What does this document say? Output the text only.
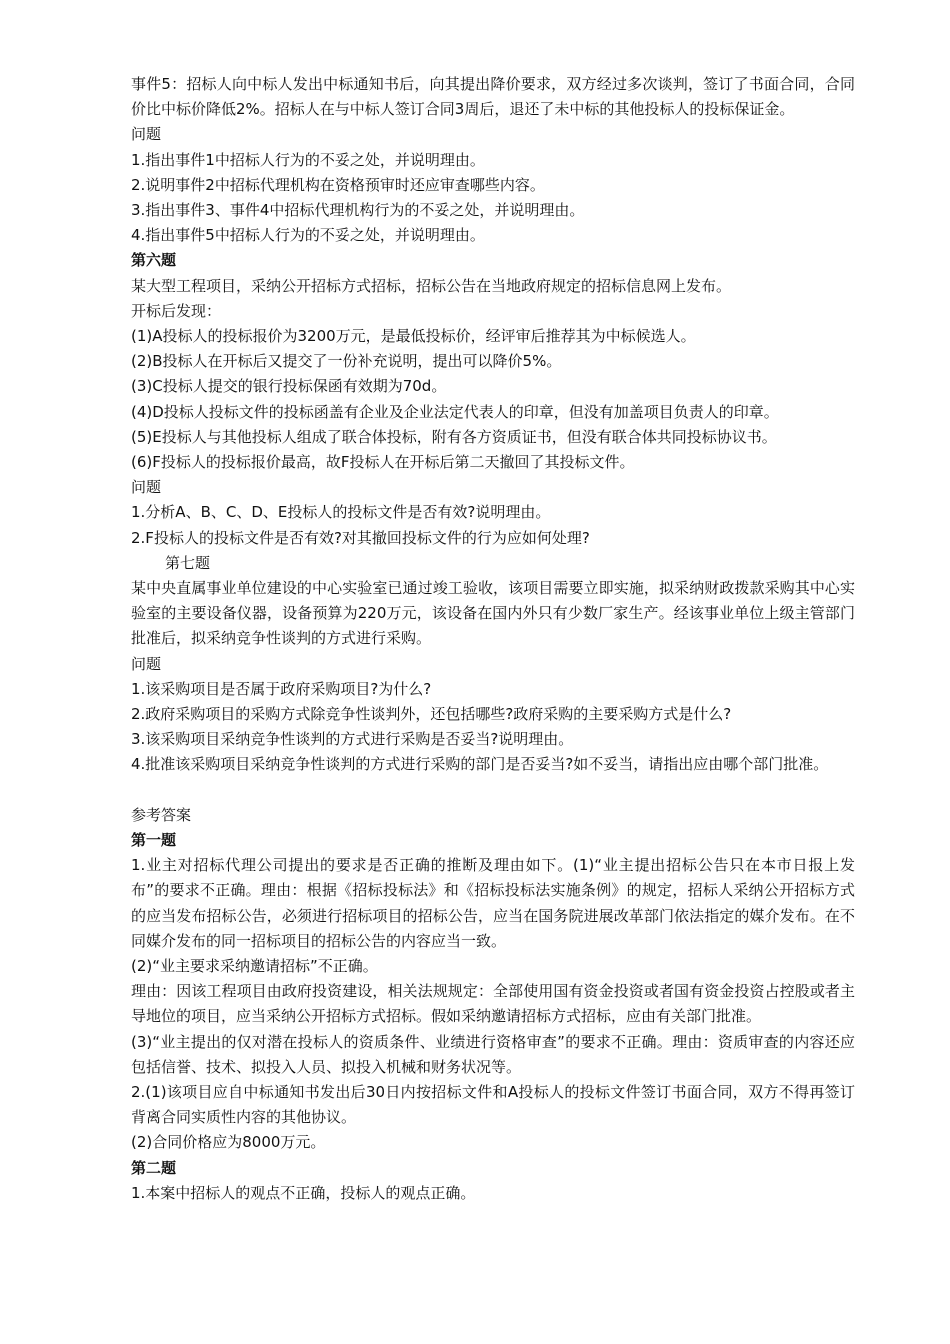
事件5：招标人向中标人发出中标通知书后，向其提出降价要求，双方经过多次谈判，签订了书面合同，合同价比中标价降低2%。招标人在与中标人签订合同3周后，退还了未中标的其他投标人的投标保证金。

问题

1.指出事件1中招标人行为的不妥之处，并说明理由。

2.说明事件2中招标代理机构在资格预审时还应审查哪些内容。

3.指出事件3、事件4中招标代理机构行为的不妥之处，并说明理由。

4.指出事件5中招标人行为的不妥之处，并说明理由。

第六题

某大型工程项目，采纳公开招标方式招标，招标公告在当地政府规定的招标信息网上发布。

开标后发现：

(1)A投标人的投标报价为3200万元，是最低投标价，经评审后推荐其为中标候选人。

(2)B投标人在开标后又提交了一份补充说明，提出可以降价5%。

(3)C投标人提交的银行投标保函有效期为70d。

(4)D投标人投标文件的投标函盖有企业及企业法定代表人的印章，但没有加盖项目负责人的印章。

(5)E投标人与其他投标人组成了联合体投标，附有各方资质证书，但没有联合体共同投标协议书。

(6)F投标人的投标报价最高，故F投标人在开标后第二天撤回了其投标文件。

问题

1.分析A、B、C、D、E投标人的投标文件是否有效?说明理由。

2.F投标人的投标文件是否有效?对其撤回投标文件的行为应如何处理?

第七题

某中央直属事业单位建设的中心实验室已通过竣工验收，该项目需要立即实施，拟采纳财政拨款采购其中心实验室的主要设备仪器，设备预算为220万元，该设备在国内外只有少数厂家生产。经该事业单位上级主管部门批准后，拟采纳竞争性谈判的方式进行采购。

问题

1.该采购项目是否属于政府采购项目?为什么?

2.政府采购项目的采购方式除竞争性谈判外，还包括哪些?政府采购的主要采购方式是什么?

3.该采购项目采纳竞争性谈判的方式进行采购是否妥当?说明理由。

4.批准该采购项目采纳竞争性谈判的方式进行采购的部门是否妥当?如不妥当，请指出应由哪个部门批准。

参考答案

第一题

1.业主对招标代理公司提出的要求是否正确的推断及理由如下。(1)“业主提出招标公告只在本市日报上发布”的要求不正确。理由：根据《招标投标法》和《招标投标法实施条例》的规定，招标人采纳公开招标方式的应当发布招标公告，必须进行招标项目的招标公告，应当在国务院进展改革部门依法指定的媒介发布。在不同媒介发布的同一招标项目的招标公告的内容应当一致。

(2)“业主要求采纳邀请招标”不正确。

理由：因该工程项目由政府投资建设，相关法规规定：全部使用国有资金投资或者国有资金投资占控股或者主导地位的项目，应当采纳公开招标方式招标。假如采纳邀请招标方式招标，应由有关部门批准。

(3)“业主提出的仅对潜在投标人的资质条件、业绩进行资格审查”的要求不正确。理由：资质审查的内容还应包括信誉、技术、拟投入人员、拟投入机械和财务状况等。

2.(1)该项目应自中标通知书发出后30日内按招标文件和A投标人的投标文件签订书面合同，双方不得再签订背离合同实质性内容的其他协议。

(2)合同价格应为8000万元。

第二题

1.本案中招标人的观点不正确，投标人的观点正确。
